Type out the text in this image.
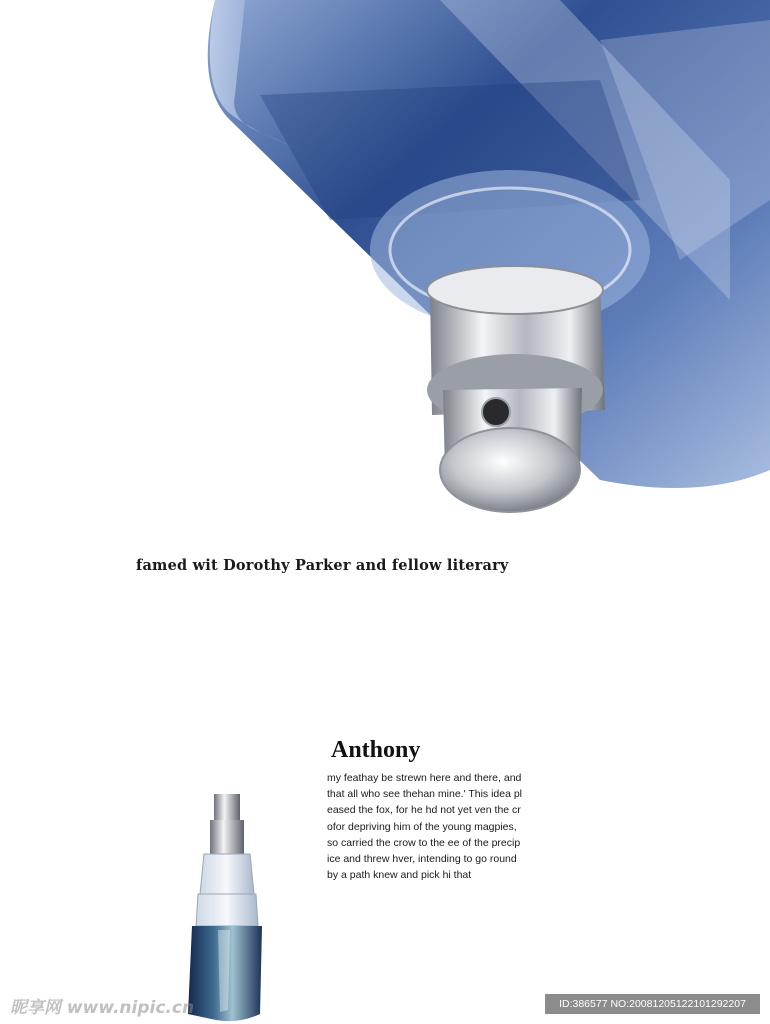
famed wit Dorothy Parker and fellow literary
Anthony
my feathay be strewn here and there, and
that all who see thehan mine.' This idea pl
eased the fox, for he hd not yet ven the cr
ofor depriving him of the young magpies,
so carried the crow to the ee of the precip
ice and threw hver, intending to go round
by a path knew and pick hi that
昵享网 www.nipic.cn	ID:386577 NO:20081205122101292207
